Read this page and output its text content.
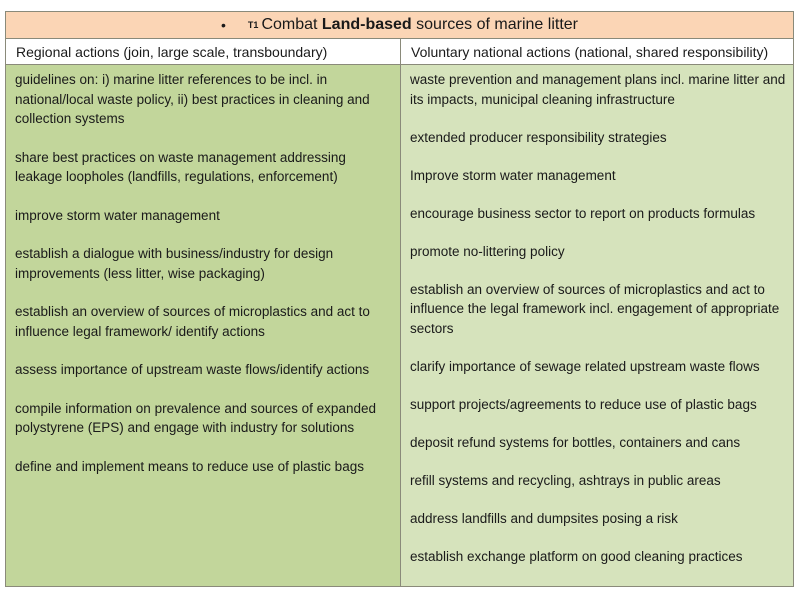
• T1 Combat Land-based sources of marine litter
Regional actions (join, large scale, transboundary)	Voluntary national actions (national, shared responsibility)

guidelines on: i) marine litter references to be incl. in national/local waste policy, ii) best practices in cleaning and collection systems

share best practices on waste management addressing leakage loopholes (landfills, regulations, enforcement)

improve storm water management

establish a dialogue with business/industry for design improvements (less litter, wise packaging)

establish an overview of sources of microplastics and act to influence legal framework/ identify actions

assess importance of upstream waste flows/identify actions

compile information on prevalence and sources of expanded polystyrene (EPS) and engage with industry for solutions

define and implement means to reduce use of plastic bags

waste prevention and management plans incl. marine litter and its impacts, municipal cleaning infrastructure

extended producer responsibility strategies

Improve storm water management

encourage business sector to report on products formulas

promote no-littering policy

establish an overview of sources of microplastics and act to influence the legal framework incl. engagement of appropriate sectors

clarify importance of sewage related upstream waste flows

support projects/agreements to reduce use of plastic bags

deposit refund systems for bottles, containers and cans

refill systems and recycling, ashtrays in public areas

address landfills and dumpsites posing a risk

establish exchange platform on good cleaning practices
